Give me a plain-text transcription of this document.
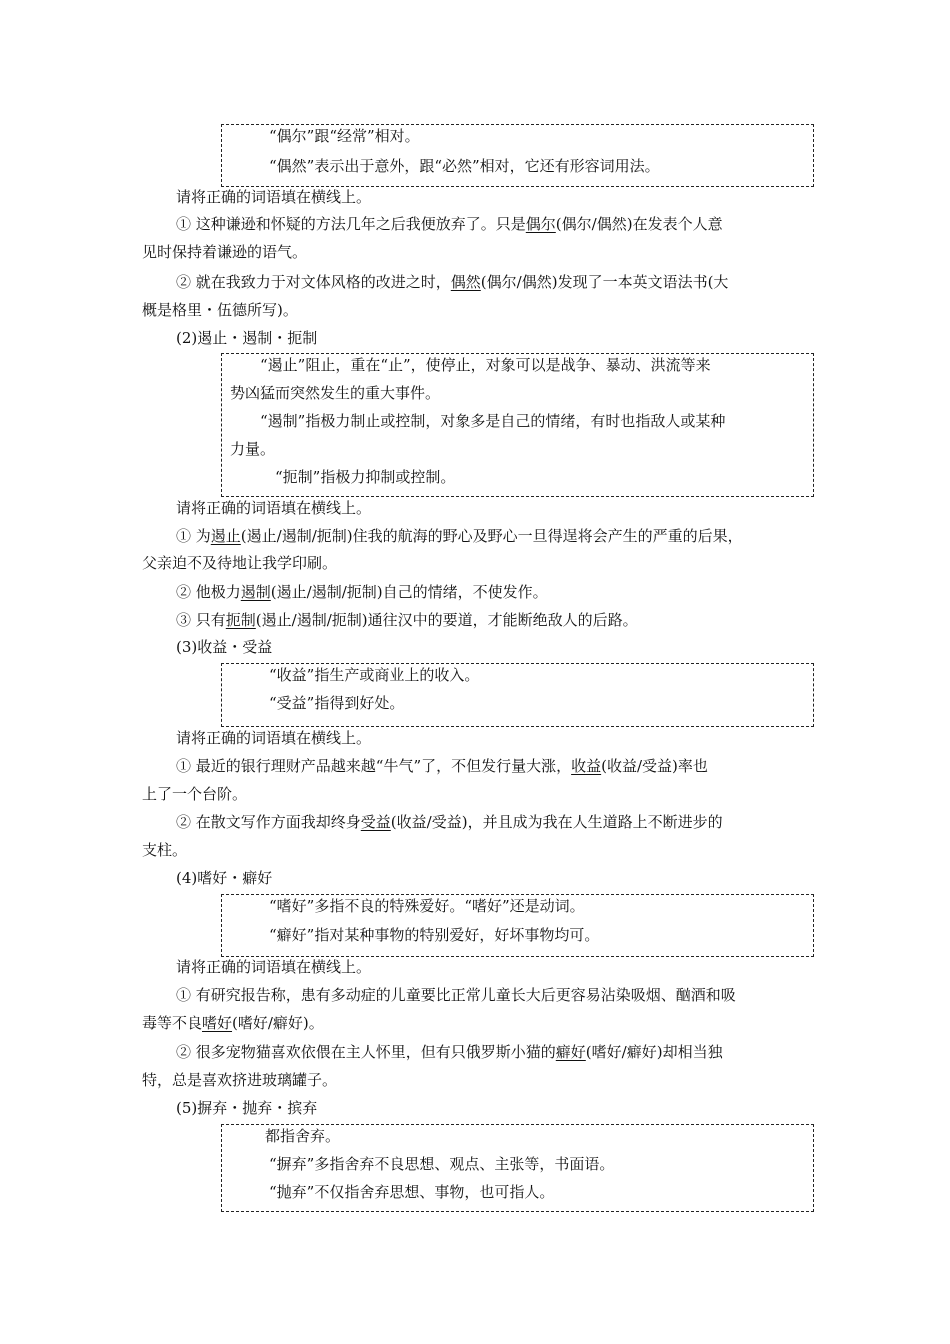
“偶尔”跟“经常”相对。
“偶然”表示出于意外，跟“必然”相对，它还有形容词用法。
请将正确的词语填在横线上。
① 这种谦逊和怀疑的方法几年之后我便放弃了。只是偶尔(偶尔/偶然)在发表个人意
见时保持着谦逊的语气。
② 就在我致力于对文体风格的改进之时，偶然(偶尔/偶然)发现了一本英文语法书(大
概是格里・伍德所写)。
(2)遏止・遏制・扼制
“遏止”阻止，重在“止”，使停止，对象可以是战争、暴动、洪流等来
势凶猛而突然发生的重大事件。
“遏制”指极力制止或控制，对象多是自己的情绪，有时也指敌人或某种
力量。
“扼制”指极力抑制或控制。
请将正确的词语填在横线上。
① 为遏止(遏止/遏制/扼制)住我的航海的野心及野心一旦得逞将会产生的严重的后果，
父亲迫不及待地让我学印刷。
② 他极力遏制(遏止/遏制/扼制)自己的情绪，不使发作。
③ 只有扼制(遏止/遏制/扼制)通往汉中的要道，才能断绝敌人的后路。
(3)收益・受益
“收益”指生产或商业上的收入。
“受益”指得到好处。
请将正确的词语填在横线上。
① 最近的银行理财产品越来越“牛气”了，不但发行量大涨，收益(收益/受益)率也
上了一个台阶。
② 在散文写作方面我却终身受益(收益/受益)，并且成为我在人生道路上不断进步的
支柱。
(4)嗜好・癖好
“嗜好”多指不良的特殊爱好。“嗜好”还是动词。
“癖好”指对某种事物的特别爱好，好坏事物均可。
请将正确的词语填在横线上。
① 有研究报告称，患有多动症的儿童要比正常儿童长大后更容易沾染吸烟、酗酒和吸
毒等不良嗜好(嗜好/癖好)。
② 很多宠物猫喜欢依偎在主人怀里，但有只俄罗斯小猫的癖好(嗜好/癖好)却相当独
特，总是喜欢挤进玻璃罐子。
(5)摒弃・抛弃・摈弃
都指舍弃。
“摒弃”多指舍弃不良思想、观点、主张等，书面语。
“抛弃”不仅指舍弃思想、事物，也可指人。
